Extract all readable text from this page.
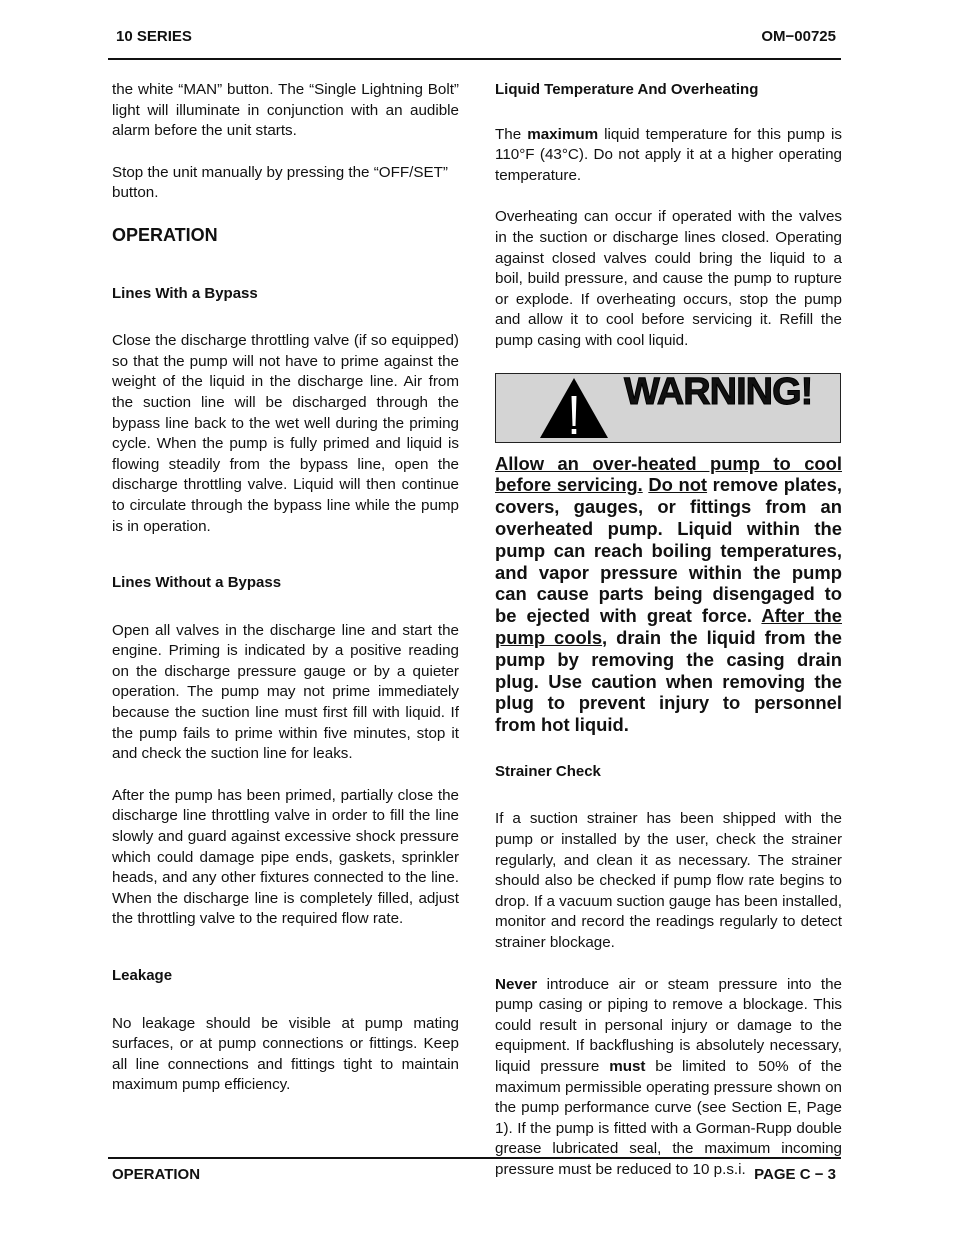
10 SERIES	OM−00725

the white “MAN” button. The “Single Lightning Bolt” light will illuminate in conjunction with an audible alarm before the unit starts.

Stop the unit manually by pressing the “OFF/SET” button.

OPERATION
Lines With a Bypass

Close the discharge throttling valve (if so equipped) so that the pump will not have to prime against the weight of the liquid in the discharge line. Air from the suction line will be discharged through the bypass line back to the wet well during the priming cycle. When the pump is fully primed and liquid is flowing steadily from the bypass line, open the discharge throttling valve. Liquid will then continue to circulate through the bypass line while the pump is in operation.

Lines Without a Bypass

Open all valves in the discharge line and start the engine. Priming is indicated by a positive reading on the discharge pressure gauge or by a quieter operation. The pump may not prime immediately because the suction line must first fill with liquid. If the pump fails to prime within five minutes, stop it and check the suction line for leaks.

After the pump has been primed, partially close the discharge line throttling valve in order to fill the line slowly and guard against excessive shock pressure which could damage pipe ends, gaskets, sprinkler heads, and any other fixtures connected to the line. When the discharge line is completely filled, adjust the throttling valve to the required flow rate.

Leakage

No leakage should be visible at pump mating surfaces, or at pump connections or fittings. Keep all line connections and fittings tight to maintain maximum pump efficiency.

Liquid Temperature And Overheating

The maximum liquid temperature for this pump is 110°F (43°C). Do not apply it at a higher operating temperature.

Overheating can occur if operated with the valves in the suction or discharge lines closed. Operating against closed valves could bring the liquid to a boil, build pressure, and cause the pump to rupture or explode. If overheating occurs, stop the pump and allow it to cool before servicing it. Refill the pump casing with cool liquid.

WARNING!
Allow an over-heated pump to cool before servicing. Do not remove plates, covers, gauges, or fittings from an overheated pump. Liquid within the pump can reach boiling temperatures, and vapor pressure within the pump can cause parts being disengaged to be ejected with great force. After the pump cools, drain the liquid from the pump by removing the casing drain plug. Use caution when removing the plug to prevent injury to personnel from hot liquid.
Strainer Check

If a suction strainer has been shipped with the pump or installed by the user, check the strainer regularly, and clean it as necessary. The strainer should also be checked if pump flow rate begins to drop. If a vacuum suction gauge has been installed, monitor and record the readings regularly to detect strainer blockage.

Never introduce air or steam pressure into the pump casing or piping to remove a blockage. This could result in personal injury or damage to the equipment. If backflushing is absolutely necessary, liquid pressure must be limited to 50% of the maximum permissible operating pressure shown on the pump performance curve (see Section E, Page 1). If the pump is fitted with a Gorman-Rupp double grease lubricated seal, the maximum incoming pressure must be reduced to 10 p.s.i.

OPERATION	PAGE C − 3
